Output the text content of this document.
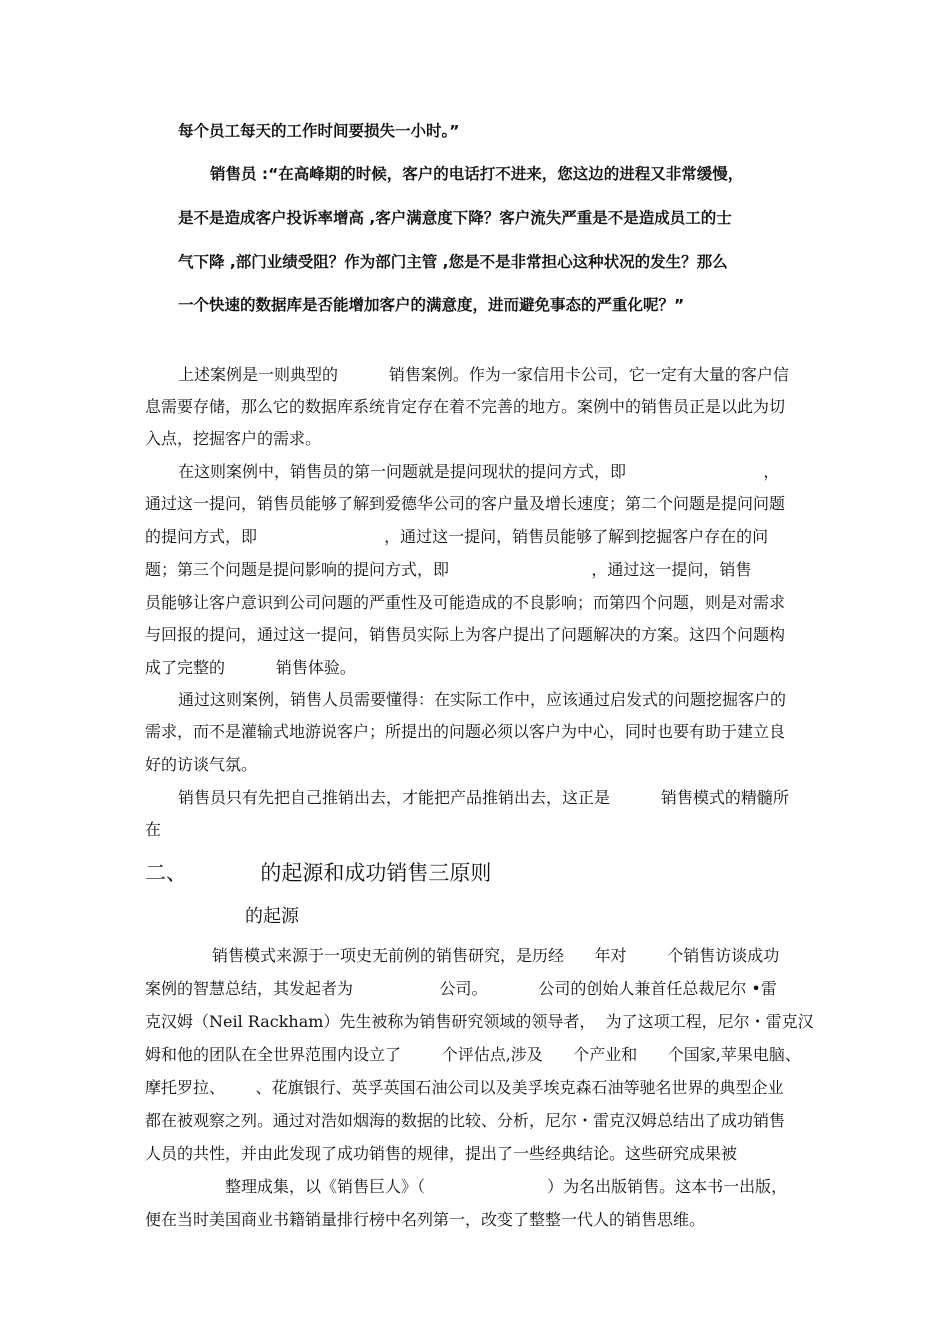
每个员工每天的工作时间要损失一小时。”
销售员 :“在高峰期的时候，客户的电话打不进来，您这边的进程又非常缓慢，
是不是造成客户投诉率增高 ,客户满意度下降？客户流失严重是不是造成员工的士
气下降 ,部门业绩受阻？作为部门主管 ,您是不是非常担心这种状况的发生？那么
一个快速的数据库是否能增加客户的满意度，进而避免事态的严重化呢？”
上述案例是一则典型的          销售案例。作为一家信用卡公司，它一定有大量的客户信
息需要存储，那么它的数据库系统肯定存在着不完善的地方。案例中的销售员正是以此为切
入点，挖掘客户的需求。
在这则案例中，销售员的第一问题就是提问现状的提问方式，即                           ，
通过这一提问，销售员能够了解到爱德华公司的客户量及增长速度；第二个问题是提问问题
的提问方式，即                         ，通过这一提问，销售员能够了解到挖掘客户存在的问
题；第三个问题是提问影响的提问方式，即                            ，通过这一提问，销售
员能够让客户意识到公司问题的严重性及可能造成的不良影响；而第四个问题，则是对需求
与回报的提问，通过这一提问，销售员实际上为客户提出了问题解决的方案。这四个问题构
成了完整的          销售体验。
通过这则案例，销售人员需要懂得：在实际工作中，应该通过启发式的问题挖掘客户的
需求，而不是灌输式地游说客户；所提出的问题必须以客户为中心，同时也要有助于建立良
好的访谈气氛。
销售员只有先把自己推销出去，才能把产品推销出去，这正是          销售模式的精髓所
在
二、           的起源和成功销售三原则
的起源
销售模式来源于一项史无前例的销售研究，是历经      年对        个销售访谈成功
案例的智慧总结，其发起者为                 公司。          公司的创始人兼首任总裁尼尔 •雷
克汉姆（Neil Rackham）先生被称为销售研究领域的领导者，  为了这项工程，尼尔・雷克汉
姆和他的团队在全世界范围内设立了        个评估点,涉及      个产业和      个国家,苹果电脑、
摩托罗拉、      、花旗银行、英孚英国石油公司以及美孚埃克森石油等驰名世界的典型企业
都在被观察之列。通过对浩如烟海的数据的比较、分析，尼尔・雷克汉姆总结出了成功销售
人员的共性，并由此发现了成功销售的规律，提出了一些经典结论。这些研究成果被
整理成集，以《销售巨人》（                        ）为名出版销售。这本书一出版，
便在当时美国商业书籍销量排行榜中名列第一，改变了整整一代人的销售思维。
